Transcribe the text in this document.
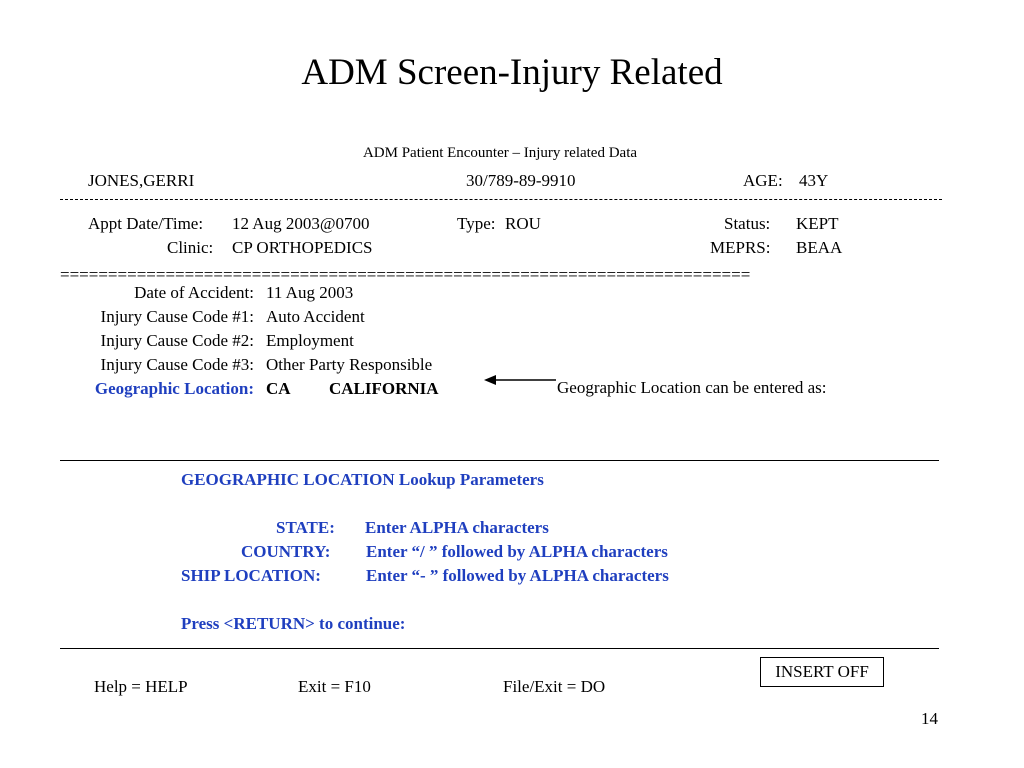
ADM Screen-Injury Related
ADM Patient Encounter – Injury related Data
JONES,GERRI	30/789-89-9910	AGE: 43Y
Appt Date/Time: 12 Aug 2003@0700	Type: ROU	Status: KEPT
Clinic: CP ORTHOPEDICS	MEPRS: BEAA
========================================================================
Date of Accident: 11 Aug 2003
Injury Cause Code #1: Auto Accident
Injury Cause Code #2: Employment
Injury Cause Code #3: Other Party Responsible
Geographic Location: CA CALIFORNIA	Geographic Location can be entered as:
GEOGRAPHIC LOCATION Lookup Parameters
STATE: Enter ALPHA characters
COUNTRY: Enter “/ ” followed by ALPHA characters
SHIP LOCATION:	Enter “- ” followed by ALPHA characters
Press <RETURN> to continue:
Help = HELP	Exit = F10	File/Exit = DO
INSERT OFF
14
